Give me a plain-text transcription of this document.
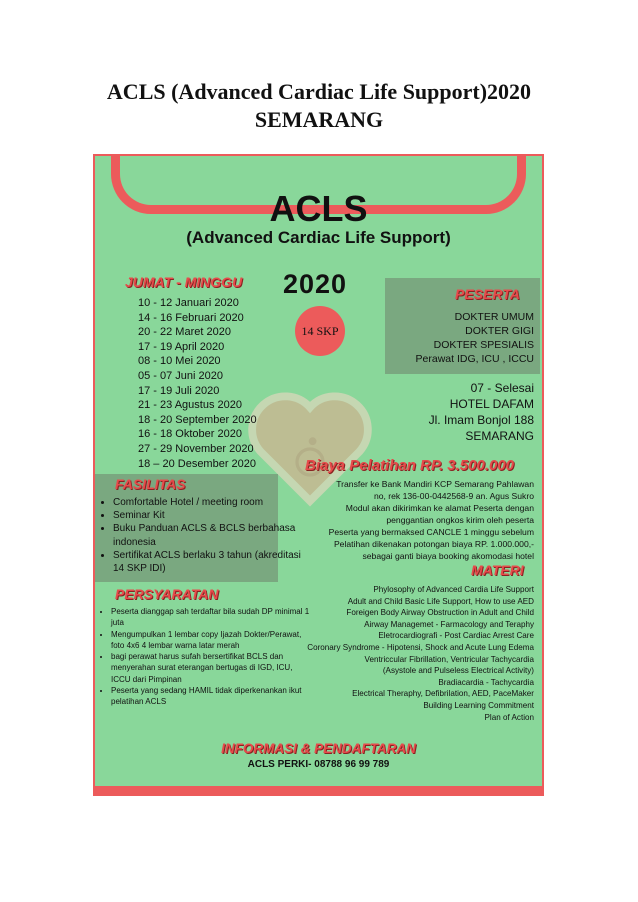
ACLS (Advanced Cardiac Life Support)2020
SEMARANG
ACLS
(Advanced Cardiac Life Support)
JUMAT - MINGGU
10 - 12 Januari 2020
14 - 16 Februari 2020
20 - 22 Maret 2020
17 - 19 April 2020
08 - 10 Mei 2020
05 - 07 Juni 2020
17 - 19 Juli 2020
21 - 23 Agustus 2020
18 - 20 September 2020
16 - 18 Oktober 2020
27 - 29 November 2020
18 – 20 Desember 2020
2020
14 SKP
PESERTA
DOKTER UMUM
DOKTER GIGI
DOKTER SPESIALIS
Perawat IDG, ICU , ICCU
07 - Selesai
HOTEL DAFAM
Jl. Imam Bonjol 188
SEMARANG
Biaya Pelatihan RP. 3.500.000
Transfer ke Bank Mandiri KCP Semarang Pahlawan
no, rek 136-00-0442568-9 an. Agus Sukro
Modul akan dikirimkan ke alamat Peserta dengan
penggantian ongkos kirim oleh peserta
Peserta yang bermaksed CANCLE 1 minggu sebelum
Pelatihan dikenakan potongan biaya RP. 1.000.000,-
sebagai ganti biaya booking akomodasi hotel
FASILITAS
• Comfortable Hotel / meeting room
• Seminar Kit
• Buku Panduan ACLS & BCLS berbahasa indonesia
• Sertifikat ACLS berlaku 3 tahun (akreditasi 14 SKP IDI)
PERSYARATAN
• Peserta dianggap sah terdaftar bila sudah DP minimal 1 juta
• Mengumpulkan 1 lembar copy Ijazah Dokter/Perawat, foto 4x6 4 lembar warna latar merah
• bagi perawat harus sufah bersertifikat BCLS dan menyerahan surat eterangan bertugas di IGD, ICU, ICCU dari Pimpinan
• Peserta yang sedang HAMIL tidak diperkenankan ikut pelatihan ACLS
MATERI
Phylosophy of Advanced Cardia Life Support
Adult and Child Basic Life Support, How to use AED
Foreigen Body Airway Obstruction in Adult and Child
Airway Managemet - Farmacology and Teraphy
Eletrocardiografi - Post Cardiac Arrest Care
Coronary Syndrome - Hipotensi, Shock and Acute Lung Edema
Ventriccular Fibrillation, Ventricular Tachycardia
(Asystole and Pulseless Electrical Activity)
Bradiacardia - Tachycardia
Electrical Theraphy, Defibrilation, AED, PaceMaker
Building Learning Commitment
Plan of Action
INFORMASI & PENDAFTARAN
ACLS PERKI- 08788 96 99 789
